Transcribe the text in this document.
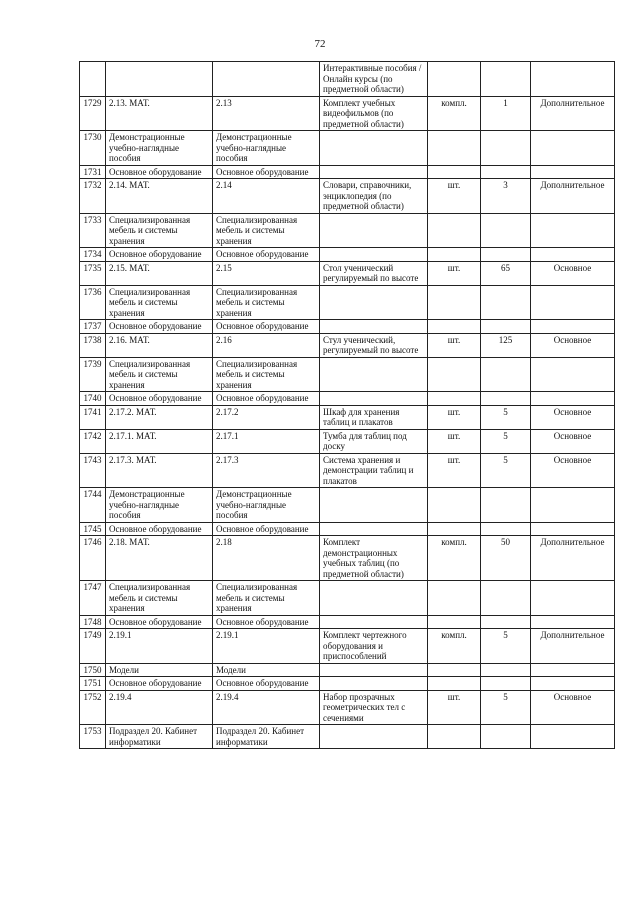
72
			Интерактивные пособия / Онлайн курсы (по предметной области)			
1729	2.13. МАТ.	2.13	Комплект учебных видеофильмов (по предметной области)	компл.	1	Дополнительное
1730	Демонстрационные учебно-наглядные пособия	Демонстрационные учебно-наглядные пособия				
1731	Основное оборудование	Основное оборудование				
1732	2.14. МАТ.	2.14	Словари, справочники, энциклопедия (по предметной области)	шт.	3	Дополнительное
1733	Специализированная мебель и системы хранения	Специализированная мебель и системы хранения				
1734	Основное оборудование	Основное оборудование				
1735	2.15. МАТ.	2.15	Стол ученический регулируемый по высоте	шт.	65	Основное
1736	Специализированная мебель и системы хранения	Специализированная мебель и системы хранения				
1737	Основное оборудование	Основное оборудование				
1738	2.16. МАТ.	2.16	Стул ученический, регулируемый по высоте	шт.	125	Основное
1739	Специализированная мебель и системы хранения	Специализированная мебель и системы хранения				
1740	Основное оборудование	Основное оборудование				
1741	2.17.2. МАТ.	2.17.2	Шкаф для хранения таблиц и плакатов	шт.	5	Основное
1742	2.17.1. МАТ.	2.17.1	Тумба для таблиц под доску	шт.	5	Основное
1743	2.17.3. МАТ.	2.17.3	Система хранения и демонстрации таблиц и плакатов	шт.	5	Основное
1744	Демонстрационные учебно-наглядные пособия	Демонстрационные учебно-наглядные пособия				
1745	Основное оборудование	Основное оборудование				
1746	2.18. МАТ.	2.18	Комплект демонстрационных учебных таблиц (по предметной области)	компл.	50	Дополнительное
1747	Специализированная мебель и системы хранения	Специализированная мебель и системы хранения				
1748	Основное оборудование	Основное оборудование				
1749	2.19.1	2.19.1	Комплект чертежного оборудования и приспособлений	компл.	5	Дополнительное
1750	Модели	Модели				
1751	Основное оборудование	Основное оборудование				
1752	2.19.4	2.19.4	Набор прозрачных геометрических тел с сечениями	шт.	5	Основное
1753	Подраздел 20. Кабинет информатики	Подраздел 20. Кабинет информатики				
